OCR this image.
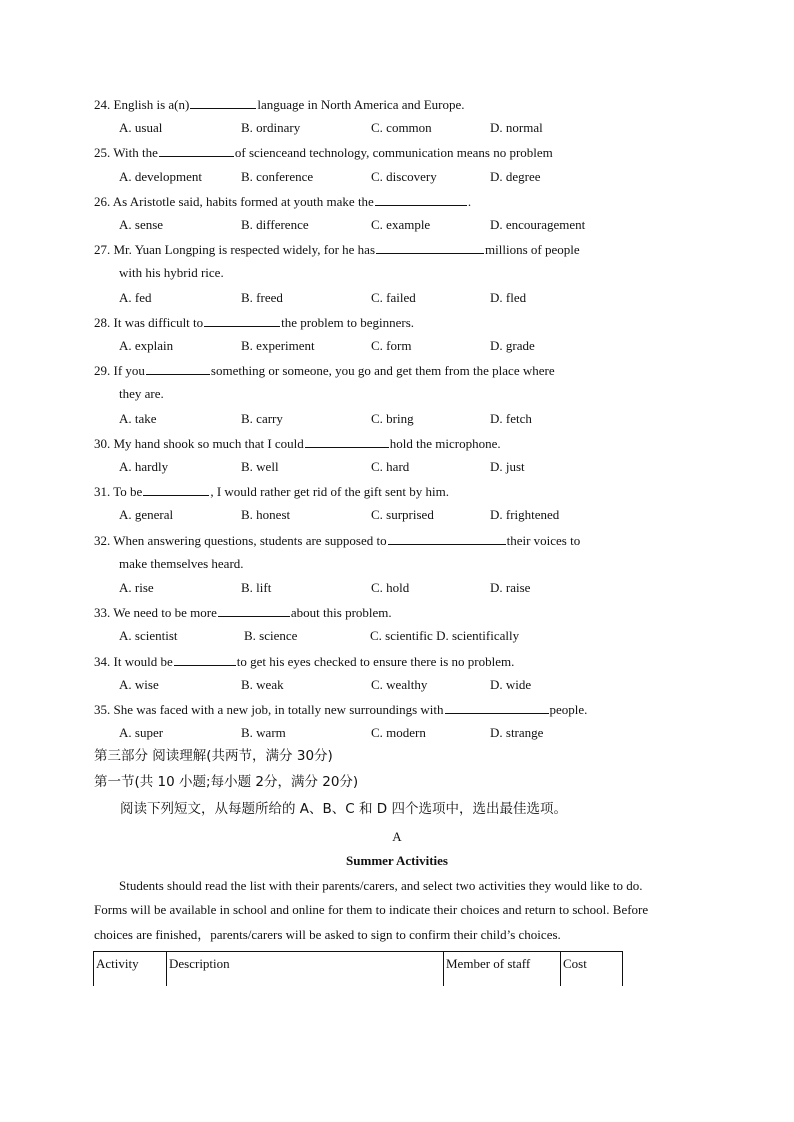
24. English is a(n)	language in North America and Europe.
A. usual	B. ordinary	C. common	D. normal
25. With the	of scienceand technology, communication means no problem
A. development	B. conference	C. discovery	D. degree
26. As Aristotle said, habits formed at youth make the	.
A. sense	B. difference	C. example	D. encouragement
27. Mr. Yuan Longping is respected widely, for he has	millions of people
with his hybrid rice.
A. fed	B. freed	C. failed	D. fled
28. It was difficult to	the problem to beginners.
A. explain	B. experiment	C. form	D. grade
29. If you	something or someone, you go and get them from the place where
they are.
A. take	B. carry	C. bring	D. fetch
30. My hand shook so much that I could	hold the microphone.
A. hardly	B. well	C. hard	D. just
31. To be	, I would rather get rid of the gift sent by him.
A. general	B. honest	C. surprised	D. frightened
32. When answering questions, students are supposed to	their voices to
make themselves heard.
A. rise	B. lift	C. hold	D. raise
33. We need to be more	about this problem.
A. scientist	B. science	C. scientific D. scientifically
34. It would be	to get his eyes checked to ensure there is no problem.
A. wise	B. weak	C. wealthy	D. wide
35. She was faced with a new job, in totally new surroundings with	people.
A. super	B. warm	C. modern	D. strange
第三部分 阅读理解(共两节，满分 30分)
第一节(共 10 小题;每小题 2分，满分 20分)
阅读下列短文，从每题所给的 A、B、C 和 D 四个选项中，选出最佳选项。
A
Summer Activities
Students should read the list with their parents/carers, and select two activities they would like to do.
Forms will be available in school and online for them to indicate their choices and return to school. Before
choices are finished，parents/carers will be asked to sign to confirm their child’s choices.
Activity	Description	Member of staff	Cost
